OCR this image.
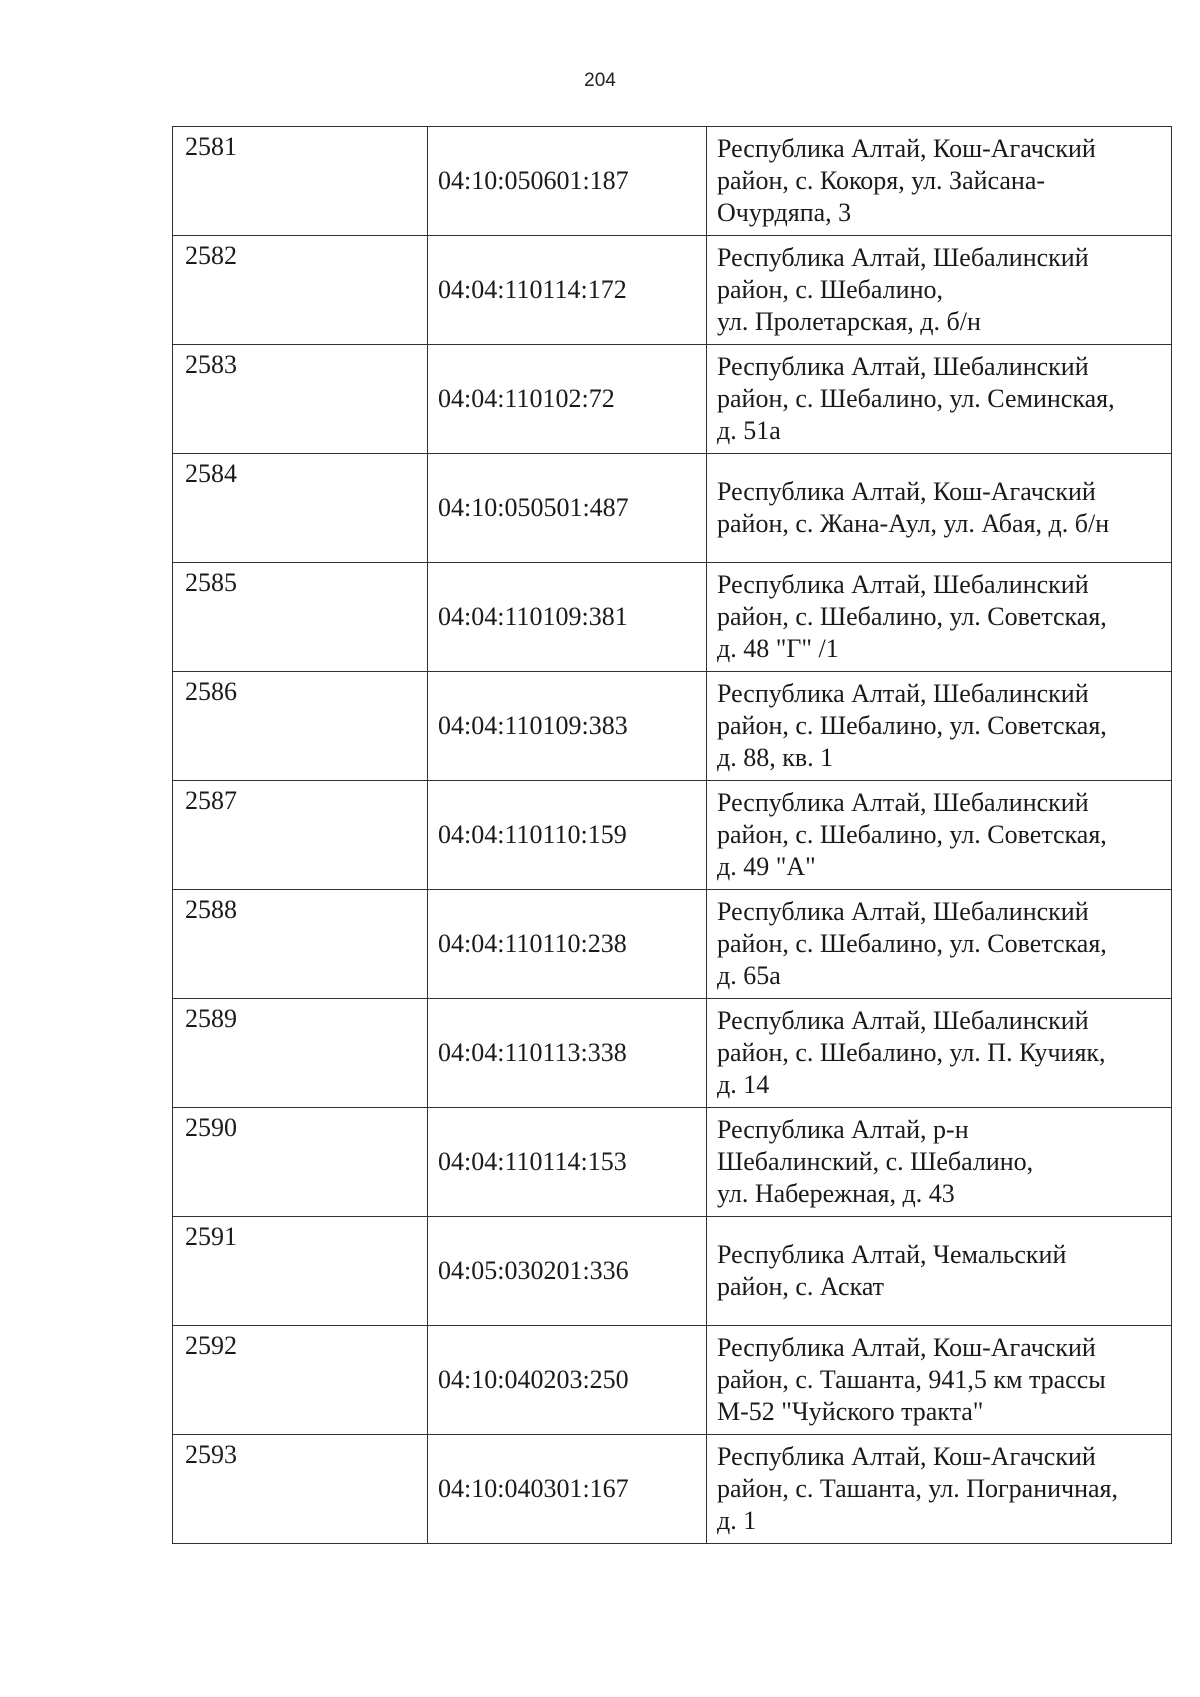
204
2581	04:10:050601:187	Республика Алтай, Кош-Агачский
район, с. Кокоря, ул. Зайсана-
Очурдяпа, 3
2582	04:04:110114:172	Республика Алтай, Шебалинский
район, с. Шебалино,
ул. Пролетарская, д. б/н
2583	04:04:110102:72	Республика Алтай, Шебалинский
район, с. Шебалино, ул. Семинская,
д. 51а
2584	04:10:050501:487	Республика Алтай, Кош-Агачский
район, с. Жана-Аул, ул. Абая, д. б/н
2585	04:04:110109:381	Республика Алтай, Шебалинский
район, с. Шебалино, ул. Советская,
д. 48 "Г" /1
2586	04:04:110109:383	Республика Алтай, Шебалинский
район, с. Шебалино, ул. Советская,
д. 88, кв. 1
2587	04:04:110110:159	Республика Алтай, Шебалинский
район, с. Шебалино, ул. Советская,
д. 49 "А"
2588	04:04:110110:238	Республика Алтай, Шебалинский
район, с. Шебалино, ул. Советская,
д. 65а
2589	04:04:110113:338	Республика Алтай, Шебалинский
район, с. Шебалино, ул. П. Кучияк,
д. 14
2590	04:04:110114:153	Республика Алтай, р-н
Шебалинский, с. Шебалино,
ул. Набережная, д. 43
2591	04:05:030201:336	Республика Алтай, Чемальский
район, с. Аскат
2592	04:10:040203:250	Республика Алтай, Кош-Агачский
район, с. Ташанта, 941,5 км трассы
М-52 "Чуйского тракта"
2593	04:10:040301:167	Республика Алтай, Кош-Агачский
район, с. Ташанта, ул. Пограничная,
д. 1
